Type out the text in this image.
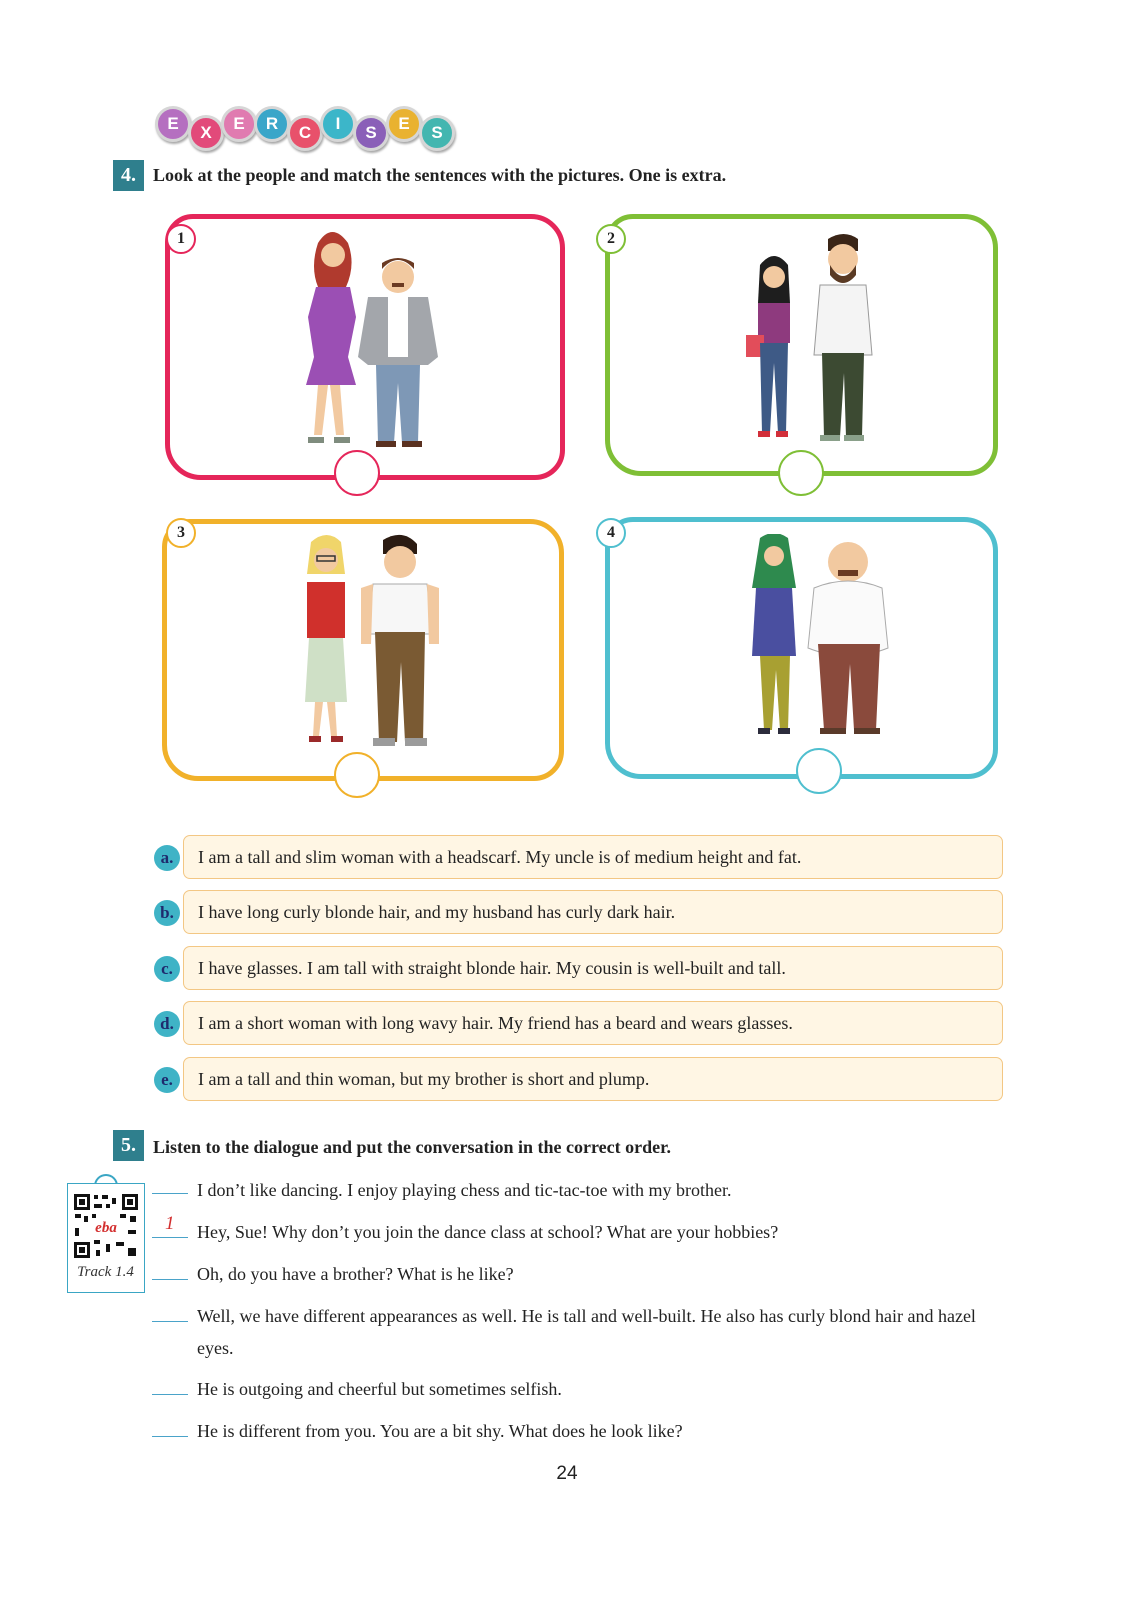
E	X	E	R	C	I	S	E	S
4. Look at the people and match the sentences with the pictures. One is extra.
1	2
3	4
a.	I am a tall and slim woman with a headscarf. My uncle is of medium height and fat.
b.	I have long curly blonde hair, and my husband has curly dark hair.
c.	I have glasses. I am tall with straight blonde hair. My cousin is well-built and tall.
d.	I am a short woman with long wavy hair. My friend has a beard and wears glasses.
e.	I am a tall and thin woman, but my brother is short and plump.
5. Listen to the dialogue and put the conversation in the correct order.
eba
Track 1.4
I don’t like dancing. I enjoy playing chess and tic-tac-toe with my brother.
1 Hey, Sue! Why don’t you join the dance class at school? What are your hobbies?
Oh, do you have a brother? What is he like?
Well, we have different appearances as well. He is tall and well-built. He also has curly blond hair and hazel eyes.
He is outgoing and cheerful but sometimes selfish.
He is different from you. You are a bit shy. What does he look like?
24
